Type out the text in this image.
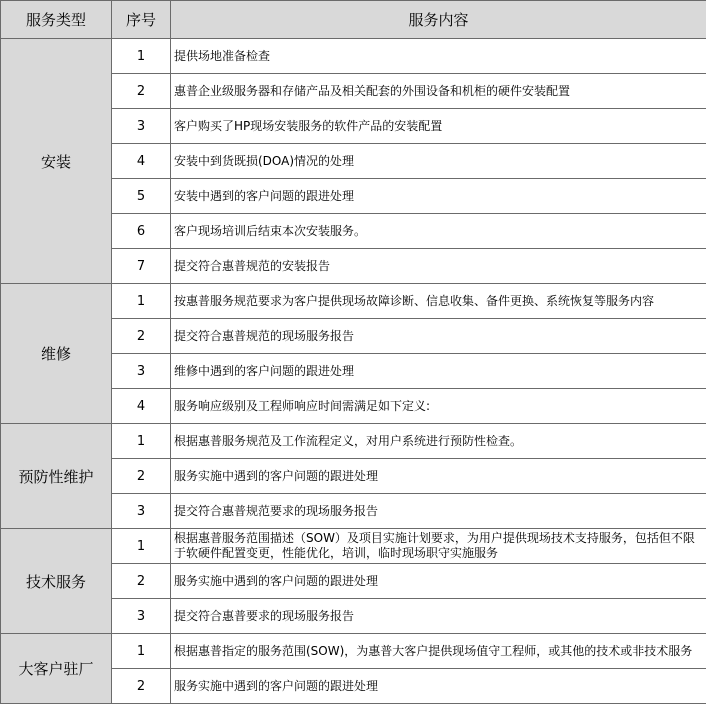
服务类型	序号	服务内容
安装	1	提供场地准备检查
	2	惠普企业级服务器和存储产品及相关配套的外围设备和机柜的硬件安装配置
	3	客户购买了HP现场安装服务的软件产品的安装配置
	4	安装中到货既损(DOA)情况的处理
	5	安装中遇到的客户问题的跟进处理
	6	客户现场培训后结束本次安装服务。
	7	提交符合惠普规范的安装报告
维修	1	按惠普服务规范要求为客户提供现场故障诊断、信息收集、备件更换、系统恢复等服务内容
	2	提交符合惠普规范的现场服务报告
	3	维修中遇到的客户问题的跟进处理
	4	服务响应级别及工程师响应时间需满足如下定义:
预防性维护	1	根据惠普服务规范及工作流程定义，对用户系统进行预防性检查。
	2	服务实施中遇到的客户问题的跟进处理
	3	提交符合惠普规范要求的现场服务报告
技术服务	1	根据惠普服务范围描述（SOW）及项目实施计划要求，为用户提供现场技术支持服务，包括但不限于软硬件配置变更，性能优化，培训，临时现场职守实施服务
	2	服务实施中遇到的客户问题的跟进处理
	3	提交符合惠普要求的现场服务报告
大客户驻厂	1	根据惠普指定的服务范围(SOW)，为惠普大客户提供现场值守工程师，或其他的技术或非技术服务
	2	服务实施中遇到的客户问题的跟进处理
